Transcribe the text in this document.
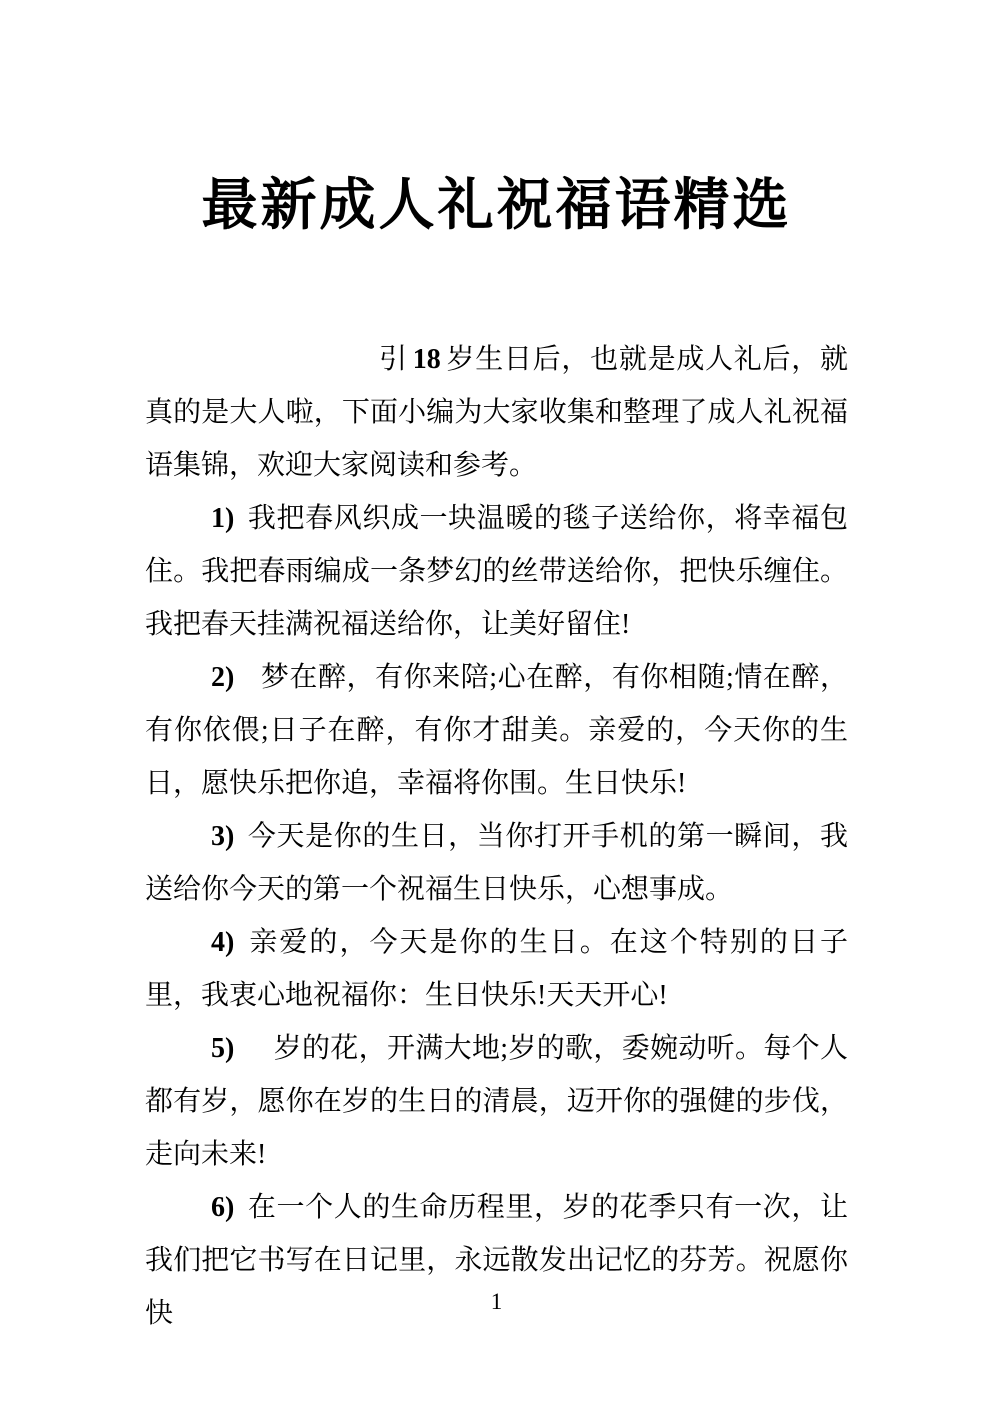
最新成人礼祝福语精选

引 18 岁生日后，也就是成人礼后，就真的是大人啦，下面小编为大家收集和整理了成人礼祝福语集锦，欢迎大家阅读和参考。

1) 我把春风织成一块温暖的毯子送给你，将幸福包住。我把春雨编成一条梦幻的丝带送给你，把快乐缠住。我把春天挂满祝福送给你，让美好留住!

2) 梦在醉，有你来陪;心在醉，有你相随;情在醉，有你依偎;日子在醉，有你才甜美。亲爱的，今天你的生日，愿快乐把你追，幸福将你围。生日快乐!

3) 今天是你的生日，当你打开手机的第一瞬间，我送给你今天的第一个祝福生日快乐，心想事成。

4) 亲爱的，今天是你的生日。在这个特别的日子里，我衷心地祝福你：生日快乐!天天开心!

5) 岁的花，开满大地;岁的歌，委婉动听。每个人都有岁，愿你在岁的生日的清晨，迈开你的强健的步伐，走向未来!

6) 在一个人的生命历程里，岁的花季只有一次，让我们把它书写在日记里，永远散发出记忆的芬芳。祝愿你快	1
